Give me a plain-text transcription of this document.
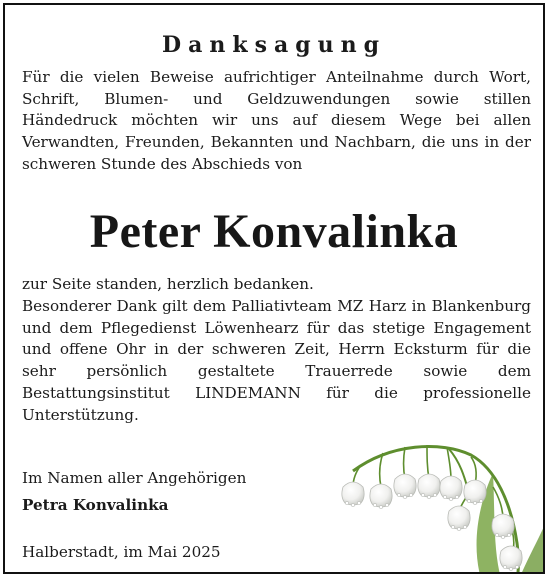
Danksagung

Für die vielen Beweise aufrichtiger Anteilnahme durch Wort, Schrift, Blumen- und Geldzuwendungen sowie stillen Händedruck möchten wir uns auf diesem Wege bei allen Verwandten, Freunden, Bekannten und Nachbarn, die uns in der schweren Stunde des Abschieds von

Peter Konvalinka

zur Seite standen, herzlich bedanken.

Besonderer Dank gilt dem Palliativteam MZ Harz in Blankenburg und dem Pflegedienst Löwenhearz für das stetige Engagement und offene Ohr in der schweren Zeit, Herrn Ecksturm für die sehr persönlich gestaltete Trauerrede sowie dem Bestattungsinstitut LINDEMANN für die professionelle Unterstützung.

Im Namen aller Angehörigen
Petra Konvalinka
Halberstadt, im Mai 2025
